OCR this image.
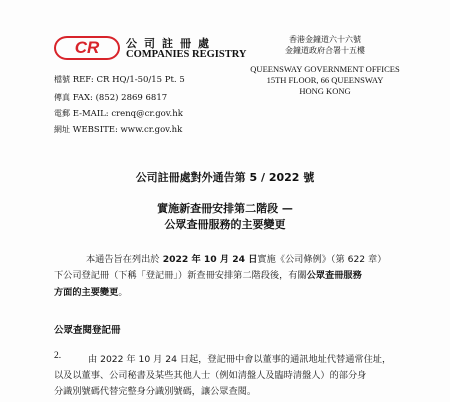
CR 公司註冊處
COMPANIES REGISTRY
香港金鐘道六十六號
金鐘道政府合署十五樓
QUEENSWAY GOVERNMENT OFFICES
15TH FLOOR, 66 QUEENSWAY
HONG KONG
檔號 REF: CR HQ/1-50/15 Pt. 5
傳真 FAX: (852) 2869 6817
電郵 E-MAIL: crenq@cr.gov.hk
網址 WEBSITE: www.cr.gov.hk
公司註冊處對外通告第 5 / 2022 號
實施新查冊安排第二階段 —
公眾查冊服務的主要變更
本通告旨在列出於 2022 年 10 月 24 日實施《公司條例》（第 622 章）
下公司登記冊（下稱「登記冊」）新查冊安排第二階段後，有關公眾查冊服務
方面的主要變更。
公眾查閱登記冊
2.	由 2022 年 10 月 24 日起，登記冊中會以董事的通訊地址代替通常住址，
以及以董事、公司秘書及某些其他人士（例如清盤人及臨時清盤人）的部分身
分識別號碼代替完整身分識別號碼，讓公眾查閱。
